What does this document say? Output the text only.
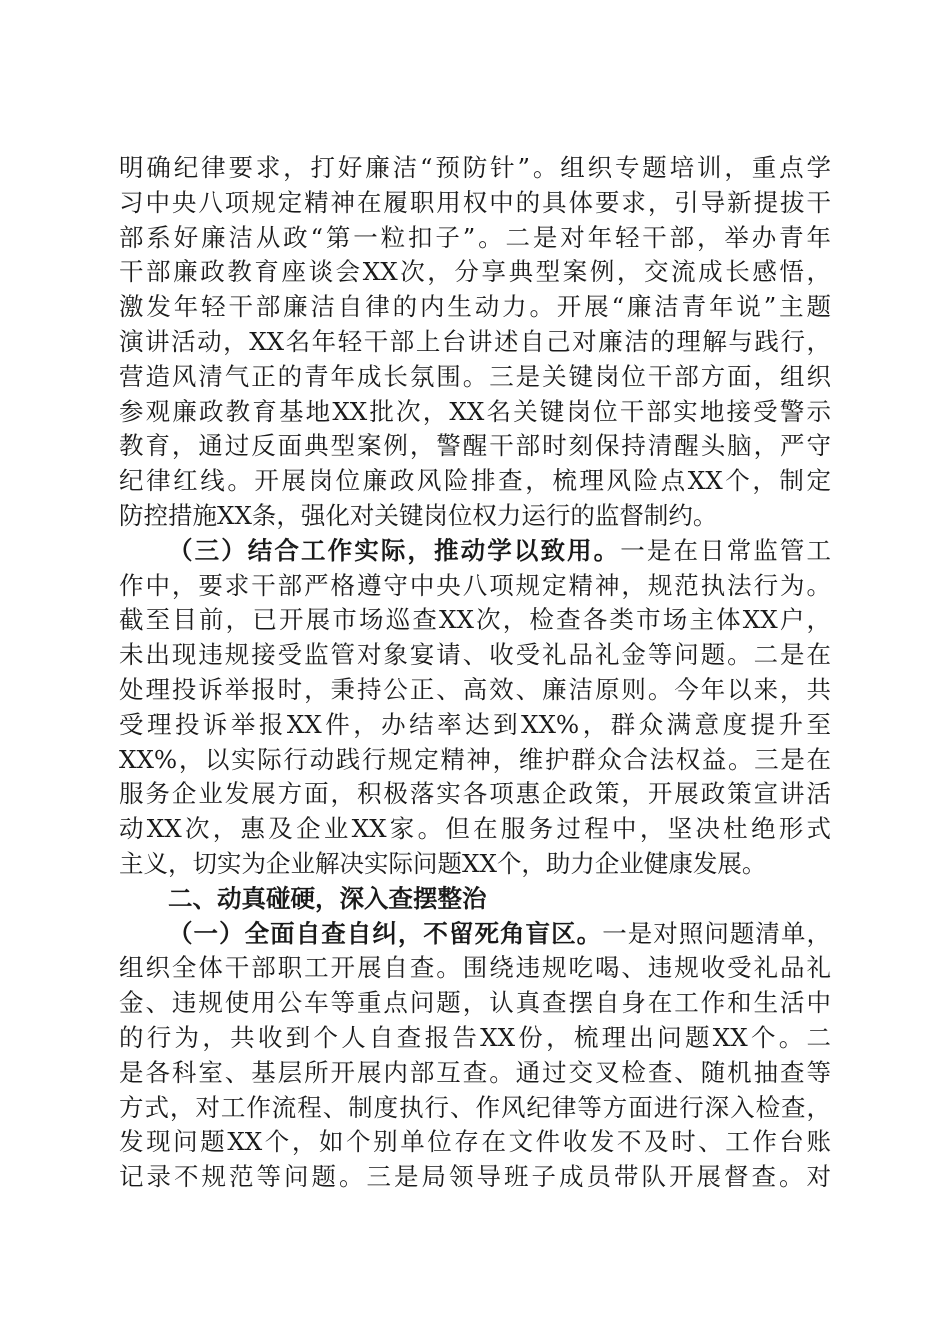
明确纪律要求，打好廉洁“预防针”。组织专题培训，重点学
习中央八项规定精神在履职用权中的具体要求，引导新提拔干
部系好廉洁从政“第一粒扣子”。二是对年轻干部，举办青年
干部廉政教育座谈会XX次，分享典型案例，交流成长感悟，
激发年轻干部廉洁自律的内生动力。开展“廉洁青年说”主题
演讲活动，XX名年轻干部上台讲述自己对廉洁的理解与践行，
营造风清气正的青年成长氛围。三是关键岗位干部方面，组织
参观廉政教育基地XX批次，XX名关键岗位干部实地接受警示
教育，通过反面典型案例，警醒干部时刻保持清醒头脑，严守
纪律红线。开展岗位廉政风险排查，梳理风险点XX个，制定
防控措施XX条，强化对关键岗位权力运行的监督制约。
（三）结合工作实际，推动学以致用。一是在日常监管工
作中，要求干部严格遵守中央八项规定精神，规范执法行为。
截至目前，已开展市场巡查XX次，检查各类市场主体XX户，
未出现违规接受监管对象宴请、收受礼品礼金等问题。二是在
处理投诉举报时，秉持公正、高效、廉洁原则。今年以来，共
受理投诉举报XX件，办结率达到XX%，群众满意度提升至
XX%，以实际行动践行规定精神，维护群众合法权益。三是在
服务企业发展方面，积极落实各项惠企政策，开展政策宣讲活
动XX次，惠及企业XX家。但在服务过程中，坚决杜绝形式
主义，切实为企业解决实际问题XX个，助力企业健康发展。
二、动真碰硬，深入查摆整治
（一）全面自查自纠，不留死角盲区。一是对照问题清单，
组织全体干部职工开展自查。围绕违规吃喝、违规收受礼品礼
金、违规使用公车等重点问题，认真查摆自身在工作和生活中
的行为，共收到个人自查报告XX份，梳理出问题XX个。二
是各科室、基层所开展内部互查。通过交叉检查、随机抽查等
方式，对工作流程、制度执行、作风纪律等方面进行深入检查，
发现问题XX个，如个别单位存在文件收发不及时、工作台账
记录不规范等问题。三是局领导班子成员带队开展督查。对
